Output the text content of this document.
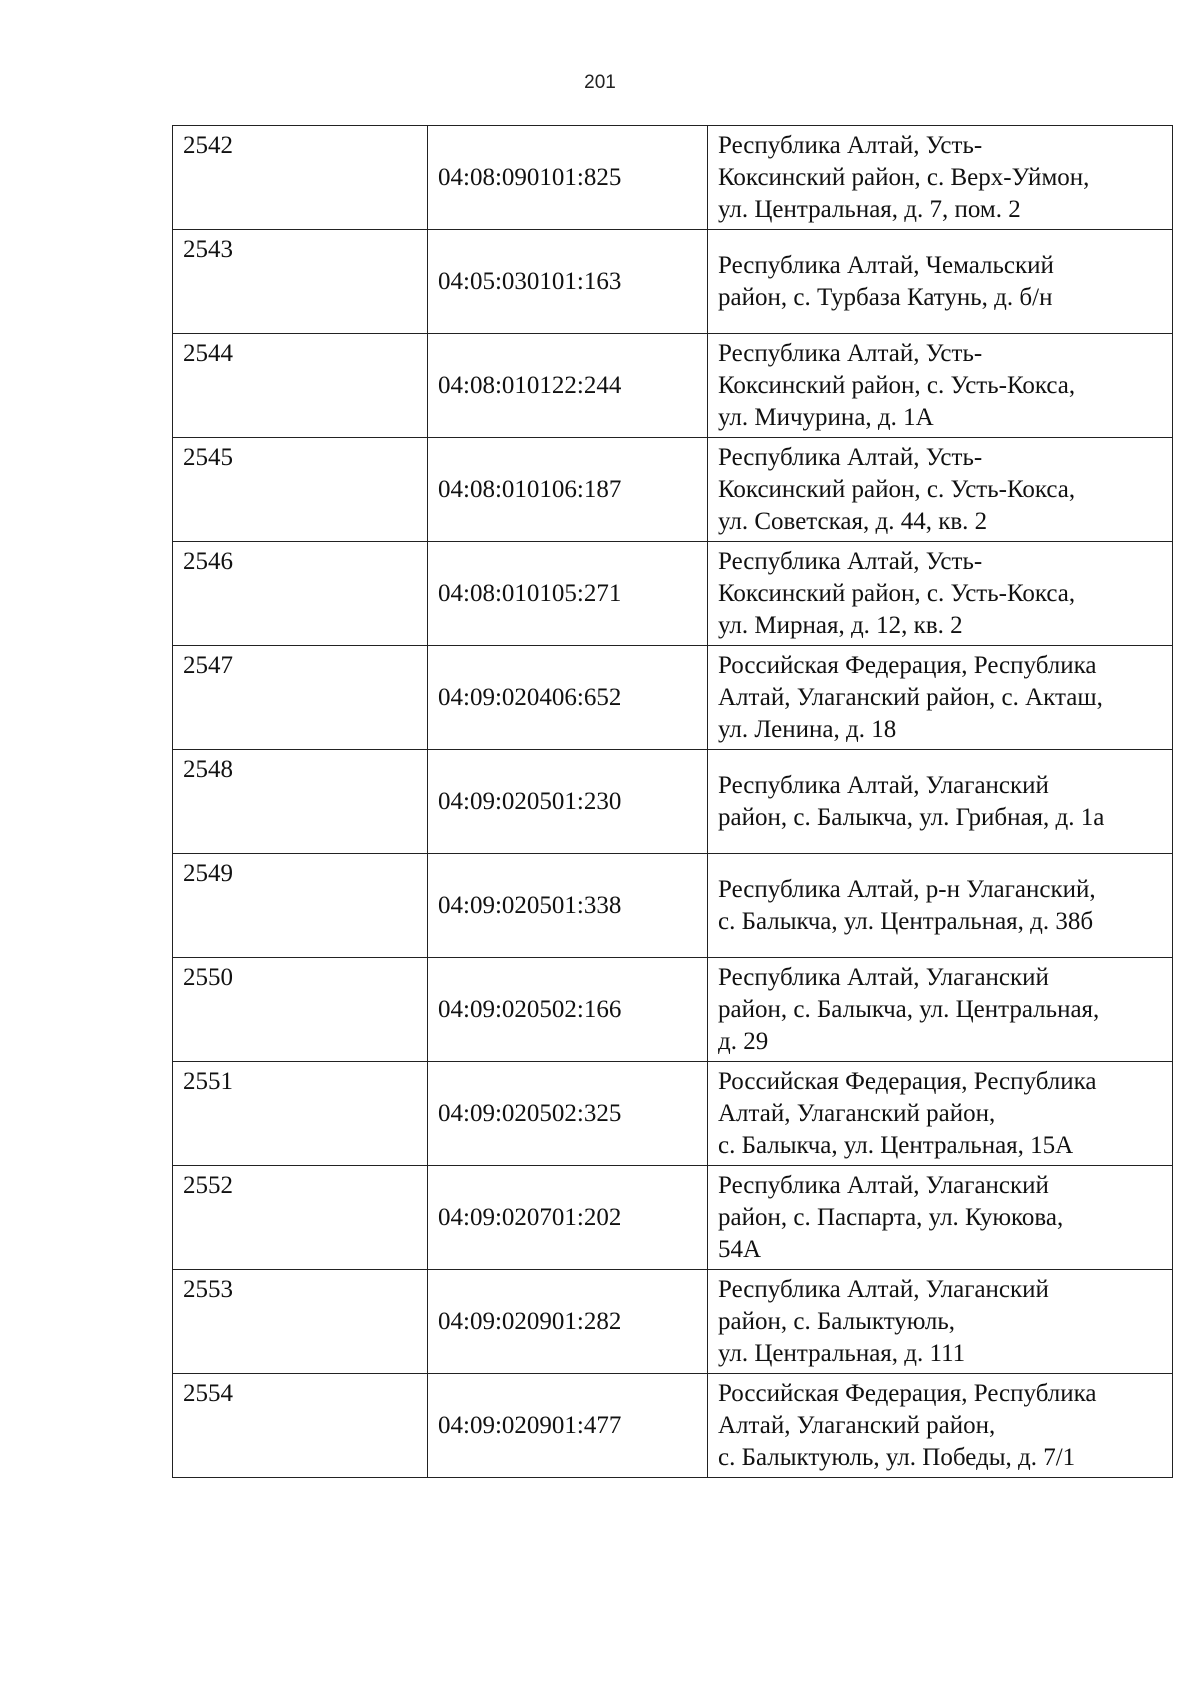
201
2542	04:08:090101:825	Республика Алтай, Усть-
Коксинский район, с. Верх-Уймон,
ул. Центральная, д. 7, пом. 2

2543	04:05:030101:163	Республика Алтай, Чемальский
район, с. Турбаза Катунь, д. б/н

2544	04:08:010122:244	Республика Алтай, Усть-
Коксинский район, с. Усть-Кокса,
ул. Мичурина, д. 1А

2545	04:08:010106:187	Республика Алтай, Усть-
Коксинский район, с. Усть-Кокса,
ул. Советская, д. 44, кв. 2

2546	04:08:010105:271	Республика Алтай, Усть-
Коксинский район, с. Усть-Кокса,
ул. Мирная, д. 12, кв. 2

2547	04:09:020406:652	Российская Федерация, Республика
Алтай, Улаганский район, с. Акташ,
ул. Ленина, д. 18

2548	04:09:020501:230	Республика Алтай, Улаганский
район, с. Балыкча, ул. Грибная, д. 1а

2549	04:09:020501:338	Республика Алтай, р-н Улаганский,
с. Балыкча, ул. Центральная, д. 38б

2550	04:09:020502:166	Республика Алтай, Улаганский
район, с. Балыкча, ул. Центральная,
д. 29

2551	04:09:020502:325	Российская Федерация, Республика
Алтай, Улаганский район,
с. Балыкча, ул. Центральная, 15А

2552	04:09:020701:202	Республика Алтай, Улаганский
район, с. Паспарта, ул. Куюкова,
54А

2553	04:09:020901:282	Республика Алтай, Улаганский
район, с. Балыктуюль,
ул. Центральная, д. 111

2554	04:09:020901:477	Российская Федерация, Республика
Алтай, Улаганский район,
с. Балыктуюль, ул. Победы, д. 7/1
